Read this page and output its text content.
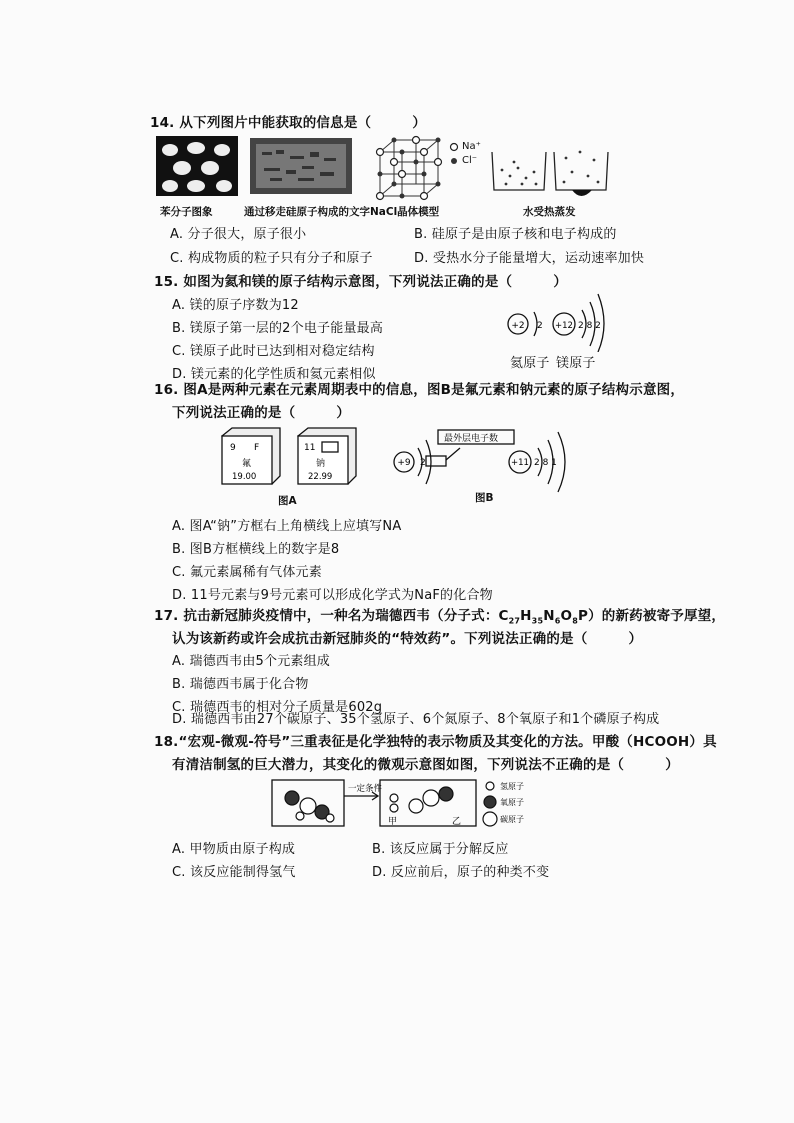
14. 从下列图片中能获取的信息是（　　　）
苯分子图象	通过移走硅原子构成的文字
Na⁺
Cl⁻
NaCl晶体模型	水受热蒸发
A. 分子很大，原子很小	B. 硅原子是由原子核和电子构成的
C. 构成物质的粒子只有分子和原子	D. 受热水分子能量增大，运动速率加快
15. 如图为氦和镁的原子结构示意图，下列说法正确的是（　　　）
A. 镁的原子序数为12
B. 镁原子第一层的2个电子能量最高
C. 镁原子此时已达到相对稳定结构
D. 镁元素的化学性质和氦元素相似
+2 2 +12 2 8 2
氦原子 镁原子
16. 图A是两种元素在元素周期表中的信息，图B是氟元素和钠元素的原子结构示意图，
下列说法正确的是（　　　）
9 F
氟
19.00
11
钠
22.99
图A
+9 2
最外层电子数
+11 2 8 1
图B
A. 图A“钠”方框右上角横线上应填写NA
B. 图B方框横线上的数字是8
C. 氟元素属稀有气体元素
D. 11号元素与9号元素可以形成化学式为NaF的化合物
17. 抗击新冠肺炎疫情中，一种名为瑞德西韦（分子式：$C_{27}H_{35}N_6O_8P$）的新药被寄予厚望，
认为该新药或许会成抗击新冠肺炎的“特效药”。下列说法正确的是（　　　）
A. 瑞德西韦由5个元素组成
B. 瑞德西韦属于化合物
C. 瑞德西韦的相对分子质量是602g
D. 瑞德西韦由27个碳原子、35个氢原子、6个氮原子、8个氧原子和1个磷原子构成
18.“宏观-微观-符号”三重表征是化学独特的表示物质及其变化的方法。甲酸（HCOOH）具
有清洁制氢的巨大潜力，其变化的微观示意图如图，下列说法不正确的是（　　　）
一定条件
甲	乙
氢原子
氧原子
碳原子
A. 甲物质由原子构成	B. 该反应属于分解反应
C. 该反应能制得氢气	D. 反应前后，原子的种类不变
